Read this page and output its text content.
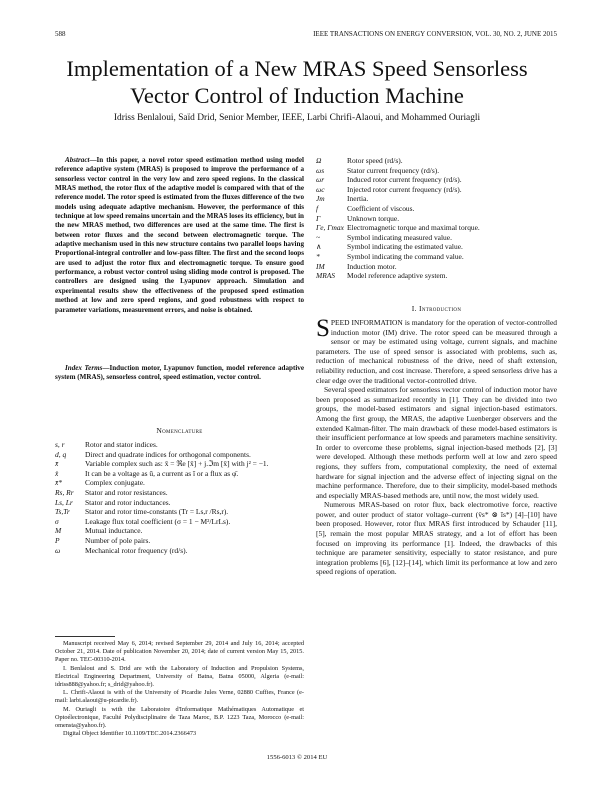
588	IEEE TRANSACTIONS ON ENERGY CONVERSION, VOL. 30, NO. 2, JUNE 2015
Implementation of a New MRAS Speed Sensorless
Vector Control of Induction Machine
Idriss Benlaloui, Saïd Drid, Senior Member, IEEE, Larbi Chrifi-Alaoui, and Mohammed Ouriagli
Abstract—In this paper, a novel rotor speed estimation method using model reference adaptive system (MRAS) is proposed to improve the performance of a sensorless vector control in the very low and zero speed regions. In the classical MRAS method, the rotor flux of the adaptive model is compared with that of the reference model. The rotor speed is estimated from the fluxes difference of the two models using adequate adaptive mechanism. However, the performance of this technique at low speed remains uncertain and the MRAS loses its efficiency, but in the new MRAS method, two differences are used at the same time. The first is between rotor fluxes and the second between electromagnetic torque. The adaptive mechanism used in this new structure contains two parallel loops having Proportional-integral controller and low-pass filter. The first and the second loops are used to adjust the rotor flux and electromagnetic torque. To ensure good performance, a robust vector control using sliding mode control is proposed. The controllers are designed using the Lyapunov approach. Simulation and experimental results show the effectiveness of the proposed speed estimation method at low and zero speed regions, and good robustness with respect to parameter variations, measurement errors, and noise is obtained.
Index Terms—Induction motor, Lyapunov function, model reference adaptive system (MRAS), sensorless control, speed estimation, vector control.
Nomenclature
s, r	Rotor and stator indices.
d, q	Direct and quadrate indices for orthogonal components.
x̄	Variable complex such as: x̄ = ℜe [x̄] + j.ℑm [x̄] with j² = −1.
x̂	It can be a voltage as ū, a current as ī or a flux as φ̄.
x̄*	Complex conjugate.
Rs, Rr	Stator and rotor resistances.
Ls, Lr	Stator and rotor inductances.
Ts,Tr	Stator and rotor time-constants (Tr = Ls,r /Rs,r).
σ	Leakage flux total coefficient (σ = 1 − M²/LrLs).
M	Mutual inductance.
P	Number of pole pairs.
ω	Mechanical rotor frequency (rd/s).
Ω	Rotor speed (rd/s).
ωs	Stator current frequency (rd/s).
ωr	Induced rotor current frequency (rd/s).
ωc	Injected rotor current frequency (rd/s).
Jm	Inertia.
f	Coefficient of viscous.
Γ	Unknown torque.
Γe, Γmax	Electromagnetic torque and maximal torque.
~	Symbol indicating measured value.
∧	Symbol indicating the estimated value.
*	Symbol indicating the command value.
IM	Induction motor.
MRAS	Model reference adaptive system.

Manuscript received May 6, 2014; revised September 29, 2014 and July 16, 2014; accepted October 21, 2014. Date of publication November 20, 2014; date of current version May 15, 2015. Paper no. TEC-00310-2014.

I. Benlaloui and S. Drid are with the Laboratory of Induction and Propulsion Systems, Electrical Engineering Department, University of Batna, Batna 05000, Algeria (e-mail: idriss888@yahoo.fr; s_drid@yahoo.fr).

L. Chrifi-Alaoui is with of the University of Picardie Jules Verne, 02880 Cuffies, France (e-mail: larbi.alaoui@u-picardie.fr).

M. Ouriagli is with the Laboratoire d'Informatique Mathématiques Automatique et Optoélectronique, Faculté Polydisciplinaire de Taza Maroc, B.P. 1223 Taza, Morocco (e-mail: omensta@yahoo.fr).

Digital Object Identifier 10.1109/TEC.2014.2366473

I. Introduction

SPEED INFORMATION is mandatory for the operation of vector-controlled induction motor (IM) drive. The rotor speed can be measured through a sensor or may be estimated using voltage, current signals, and machine parameters. The use of speed sensor is associated with problems, such as, reduction of mechanical robustness of the drive, need of shaft extension, reliability reduction, and cost increase. Therefore, a speed sensorless drive has a clear edge over the traditional vector-controlled drive.

Several speed estimators for sensorless vector control of induction motor have been proposed as summarized recently in [1]. They can be divided into two groups, the model-based estimators and signal injection-based estimators. Among the first group, the MRAS, the adaptive Luenberger observers and the extended Kalman-filter. The main drawback of these model-based estimators is their insufficient performance at low speeds and parameters machine sensitivity. In order to overcome these problems, signal injection-based methods [2], [3] were developed. Although these methods perform well at low and zero speed regions, they suffers from, computational complexity, the need of external hardware for signal injection and the adverse effect of injecting signal on the machine performance. Therefore, due to their simplicity, model-based methods and especially MRAS-based methods are, until now, the most widely used.

Numerous MRAS-based on rotor flux, back electromotive force, reactive power, and outer product of stator voltage–current (v̄s* ⊗ īs*) [4]–[10] have been proposed. However, rotor flux MRAS first introduced by Schauder [11], [5], remain the most popular MRAS strategy, and a lot of effort has been focused on improving its performance [1]. Indeed, the drawbacks of this technique are parameter sensitivity, especially to stator resistance, and pure integration problems [6], [12]–[14], which limit its performance at low and zero speed regions of operation.

1556-6013 © 2014 EU
